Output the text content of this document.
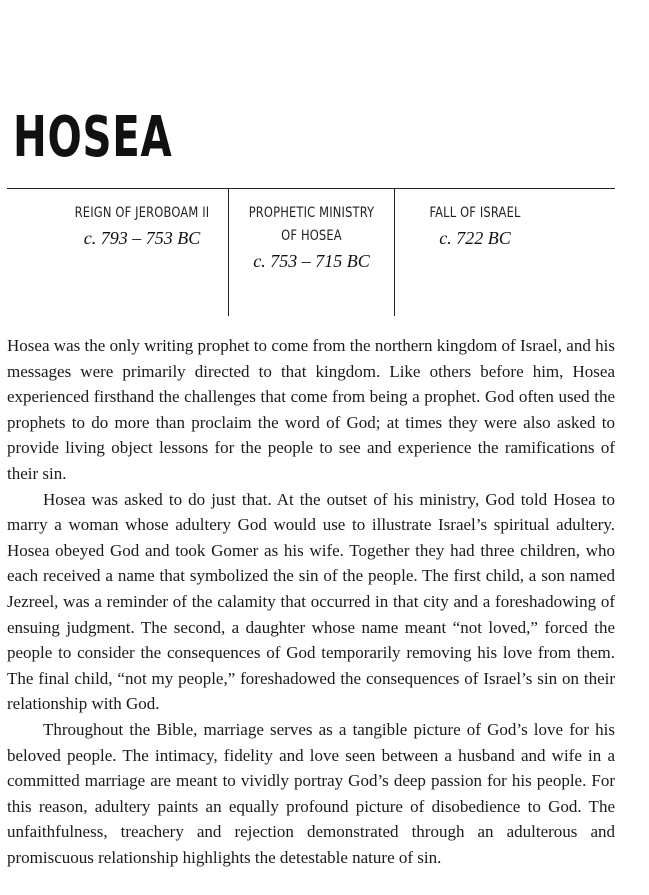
HOSEA
REIGN OF JEROBOAM II
c. 793 – 753 BC
PROPHETIC MINISTRY OF HOSEA
c. 753 – 715 BC
FALL OF ISRAEL
c. 722 BC

Hosea was the only writing prophet to come from the northern kingdom of Israel, and his messages were primarily directed to that kingdom. Like others before him, Hosea experienced firsthand the challenges that come from being a prophet. God often used the prophets to do more than proclaim the word of God; at times they were also asked to provide living object lessons for the people to see and experience the ramifications of their sin.

Hosea was asked to do just that. At the outset of his ministry, God told Hosea to marry a woman whose adultery God would use to illustrate Israel’s spiritual adultery. Hosea obeyed God and took Gomer as his wife. Together they had three children, who each received a name that symbolized the sin of the people. The first child, a son named Jezreel, was a reminder of the calamity that occurred in that city and a foreshadowing of ensuing judgment. The second, a daughter whose name meant “not loved,” forced the people to consider the consequences of God temporarily removing his love from them. The final child, “not my people,” foreshadowed the consequences of Israel’s sin on their relationship with God.

Throughout the Bible, marriage serves as a tangible picture of God’s love for his beloved people. The intimacy, fidelity and love seen between a husband and wife in a committed marriage are meant to vividly portray God’s deep passion for his people. For this reason, adultery paints an equally profound picture of disobedience to God. The unfaithfulness, treachery and rejection demonstrated through an adulterous and promiscuous relationship highlights the detestable nature of sin.
